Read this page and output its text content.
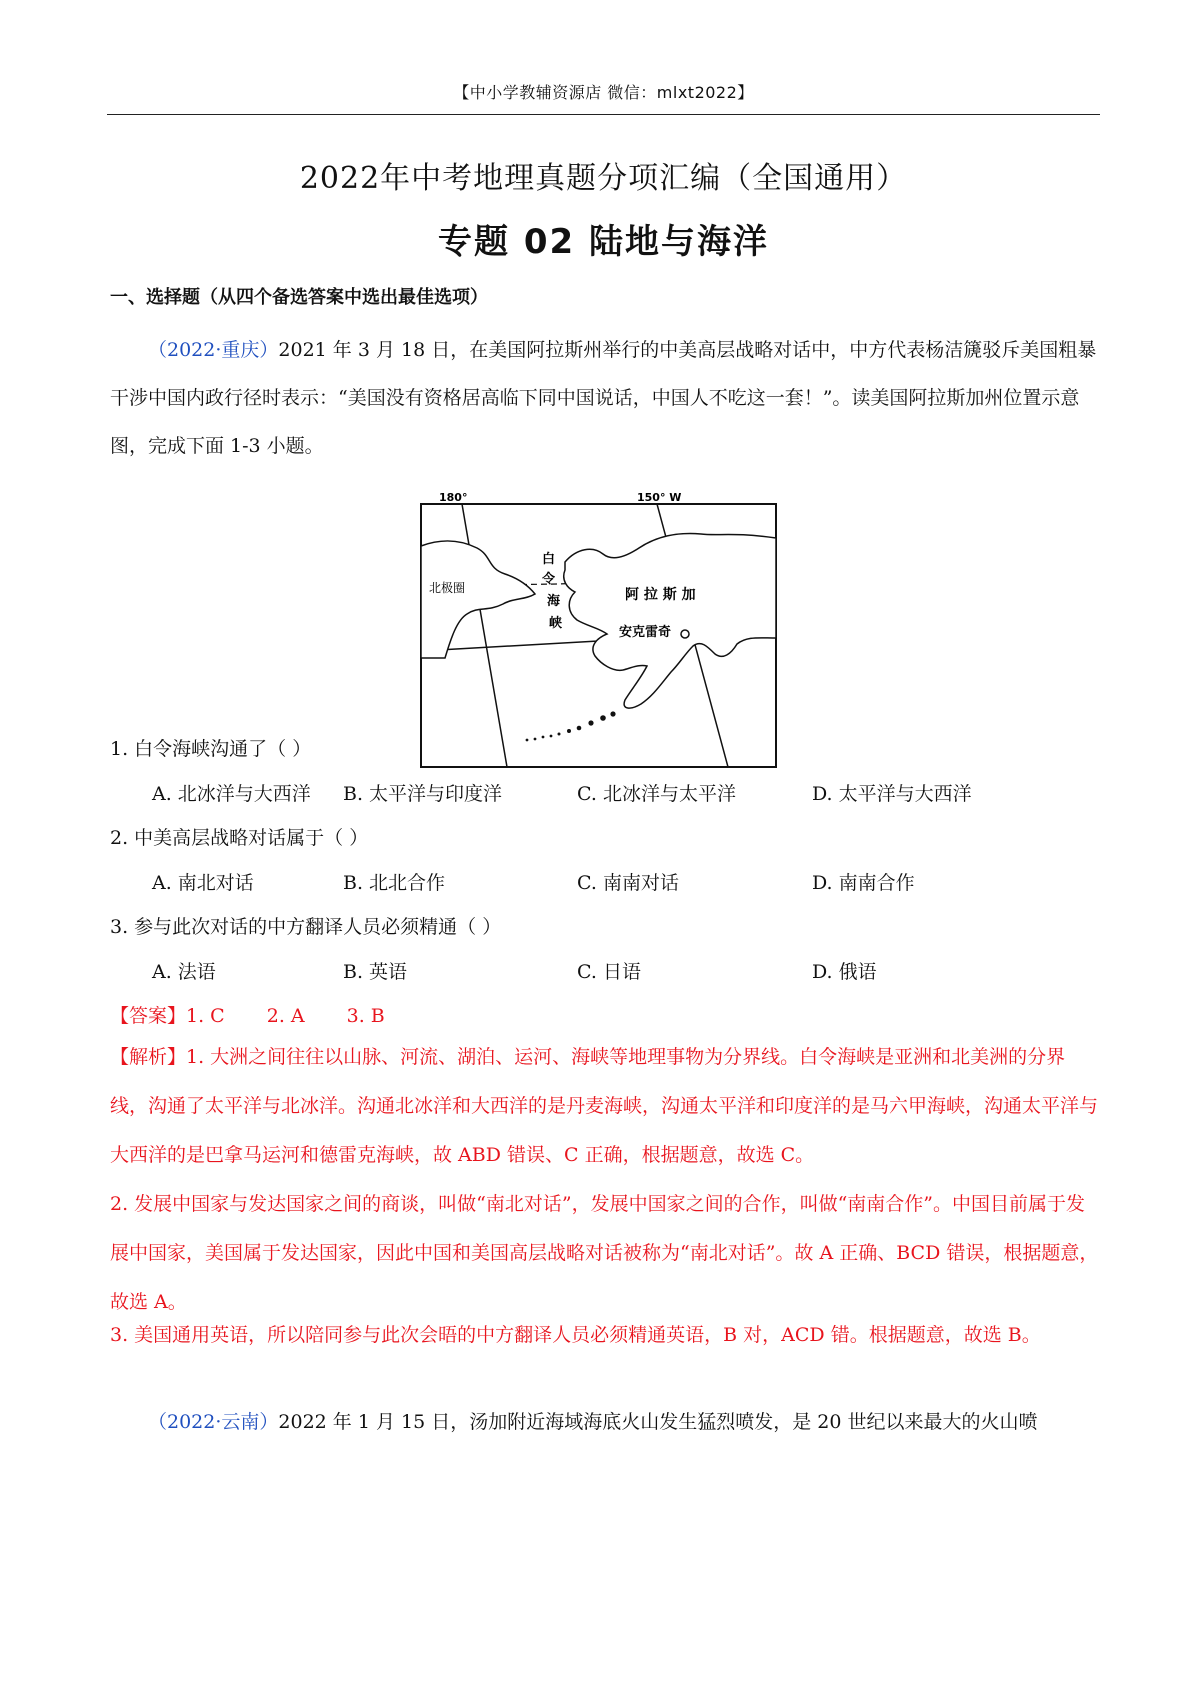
【中小学教辅资源店 微信：mlxt2022】
2022年中考地理真题分项汇编（全国通用）
专题 02 陆地与海洋
一、选择题（从四个备选答案中选出最佳选项）
（2022·重庆）2021 年 3 月 18 日，在美国阿拉斯州举行的中美高层战略对话中，中方代表杨洁篪驳斥美国粗暴干涉中国内政行径时表示：“美国没有资格居高临下同中国说话，中国人不吃这一套！”。读美国阿拉斯加州位置示意图，完成下面 1-3 小题。
180°	150° W
北极圈
白
令
海
峡
阿 拉 斯 加
安克雷奇
1. 白令海峡沟通了（ ）
A. 北冰洋与大西洋 B. 太平洋与印度洋	C. 北冰洋与太平洋	D. 太平洋与大西洋
2. 中美高层战略对话属于（ ）
A. 南北对话	B. 北北合作	C. 南南对话	D. 南南合作
3. 参与此次对话的中方翻译人员必须精通（ ）
A. 法语	B. 英语	C. 日语	D. 俄语
【答案】1. C 2. A 3. B
【解析】1. 大洲之间往往以山脉、河流、湖泊、运河、海峡等地理事物为分界线。白令海峡是亚洲和北美洲的分界线，沟通了太平洋与北冰洋。沟通北冰洋和大西洋的是丹麦海峡，沟通太平洋和印度洋的是马六甲海峡，沟通太平洋与大西洋的是巴拿马运河和德雷克海峡，故 ABD 错误、C 正确，根据题意，故选 C。
2. 发展中国家与发达国家之间的商谈，叫做“南北对话”，发展中国家之间的合作，叫做“南南合作”。中国目前属于发展中国家，美国属于发达国家，因此中国和美国高层战略对话被称为“南北对话”。故 A 正确、BCD 错误，根据题意，故选 A。
3. 美国通用英语，所以陪同参与此次会晤的中方翻译人员必须精通英语，B 对，ACD 错。根据题意，故选 B。
（2022·云南）2022 年 1 月 15 日，汤加附近海域海底火山发生猛烈喷发，是 20 世纪以来最大的火山喷
